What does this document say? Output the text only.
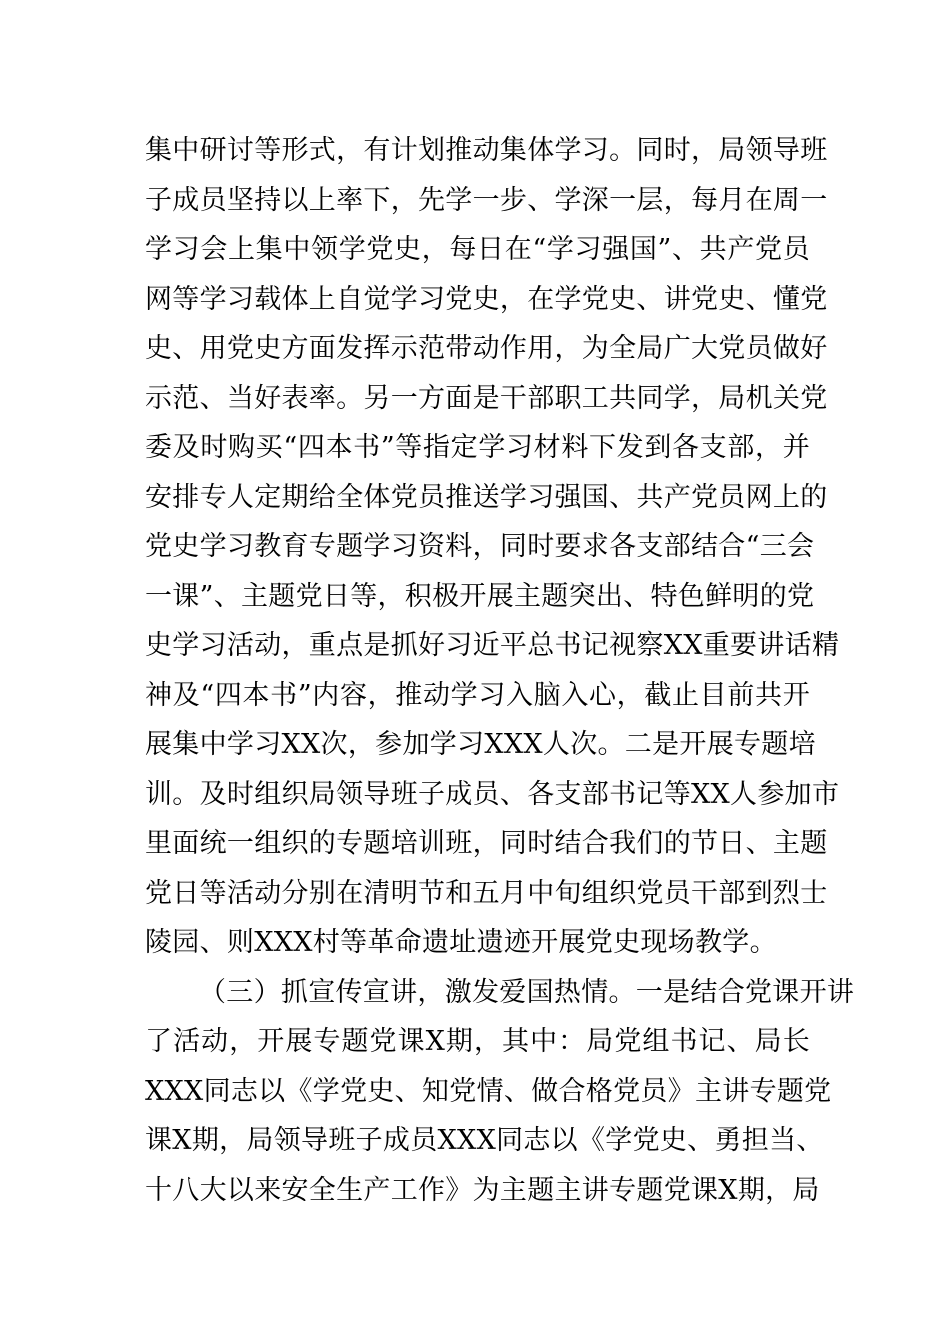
集中研讨等形式，有计划推动集体学习。同时，局领导班
子成员坚持以上率下，先学一步、学深一层，每月在周一
学习会上集中领学党史，每日在“学习强国”、共产党员
网等学习载体上自觉学习党史，在学党史、讲党史、懂党
史、用党史方面发挥示范带动作用，为全局广大党员做好
示范、当好表率。另一方面是干部职工共同学，局机关党
委及时购买“四本书”等指定学习材料下发到各支部，并
安排专人定期给全体党员推送学习强国、共产党员网上的
党史学习教育专题学习资料，同时要求各支部结合“三会
一课”、主题党日等，积极开展主题突出、特色鲜明的党
史学习活动，重点是抓好习近平总书记视察XX重要讲话精
神及“四本书”内容，推动学习入脑入心，截止目前共开
展集中学习XX次，参加学习XXX人次。二是开展专题培
训。及时组织局领导班子成员、各支部书记等XX人参加市
里面统一组织的专题培训班，同时结合我们的节日、主题
党日等活动分别在清明节和五月中旬组织党员干部到烈士
陵园、则XXX村等革命遗址遗迹开展党史现场教学。
（三）抓宣传宣讲，激发爱国热情。一是结合党课开讲
了活动，开展专题党课X期，其中：局党组书记、局长
XXX同志以《学党史、知党情、做合格党员》主讲专题党
课X期，局领导班子成员XXX同志以《学党史、勇担当、
十八大以来安全生产工作》为主题主讲专题党课X期，局
